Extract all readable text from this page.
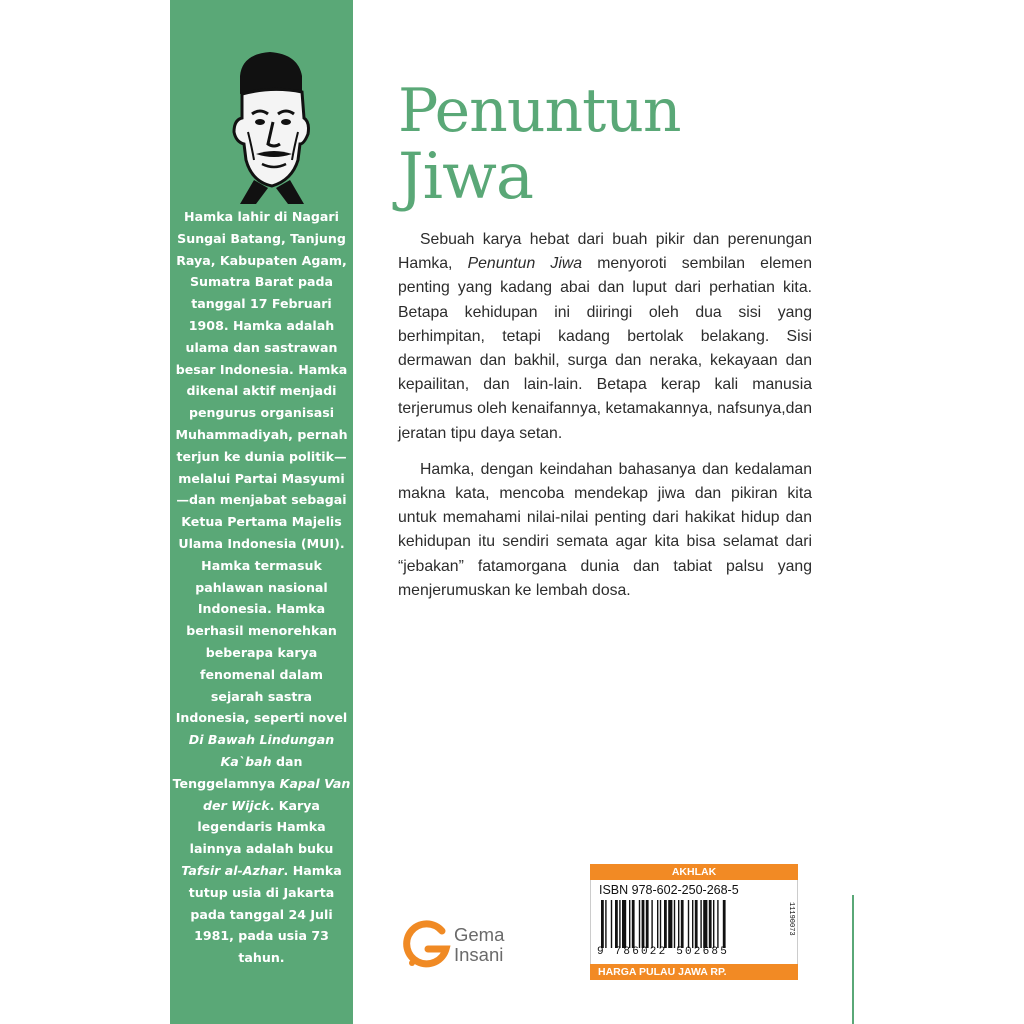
Hamka lahir di Nagari Sungai Batang, Tanjung Raya, Kabupaten Agam, Sumatra Barat pada tanggal 17 Februari 1908. Hamka adalah ulama dan sastrawan besar Indonesia. Hamka dikenal aktif menjadi pengurus organisasi Muhammadiyah, pernah terjun ke dunia politik—melalui Partai Masyumi—dan menjabat sebagai Ketua Pertama Majelis Ulama Indonesia (MUI). Hamka termasuk pahlawan nasional Indonesia. Hamka berhasil menorehkan beberapa karya fenomenal dalam sejarah sastra Indonesia, seperti novel Di Bawah Lindungan Ka`bah dan Tenggelamnya Kapal Van der Wijck. Karya legendaris Hamka lainnya adalah buku Tafsir al-Azhar. Hamka tutup usia di Jakarta pada tanggal 24 Juli 1981, pada usia 73 tahun.

Penuntun
Jiwa

Sebuah karya hebat dari buah pikir dan perenungan Hamka, Penuntun Jiwa menyoroti sembilan elemen penting yang kadang abai dan luput dari perhatian kita. Betapa kehidupan ini diiringi oleh dua sisi yang berhimpitan, tetapi kadang bertolak belakang. Sisi dermawan dan bakhil, surga dan neraka, kekayaan dan kepailitan, dan lain-lain. Betapa kerap kali manusia terjerumus oleh kenaifannya, ketamakannya, nafsunya,dan jeratan tipu daya setan.

Hamka, dengan keindahan bahasanya dan kedalaman makna kata, mencoba mendekap jiwa dan pikiran kita untuk memahami nilai-nilai penting dari hakikat hidup dan kehidupan itu sendiri semata agar kita bisa selamat dari “jebakan” fatamorgana dunia dan tabiat palsu yang menjerumuskan ke lembah dosa.

Gema
Insani
AKHLAK
ISBN 978-602-250-268-5
9 786022 502685
11190073
HARGA PULAU JAWA RP.
